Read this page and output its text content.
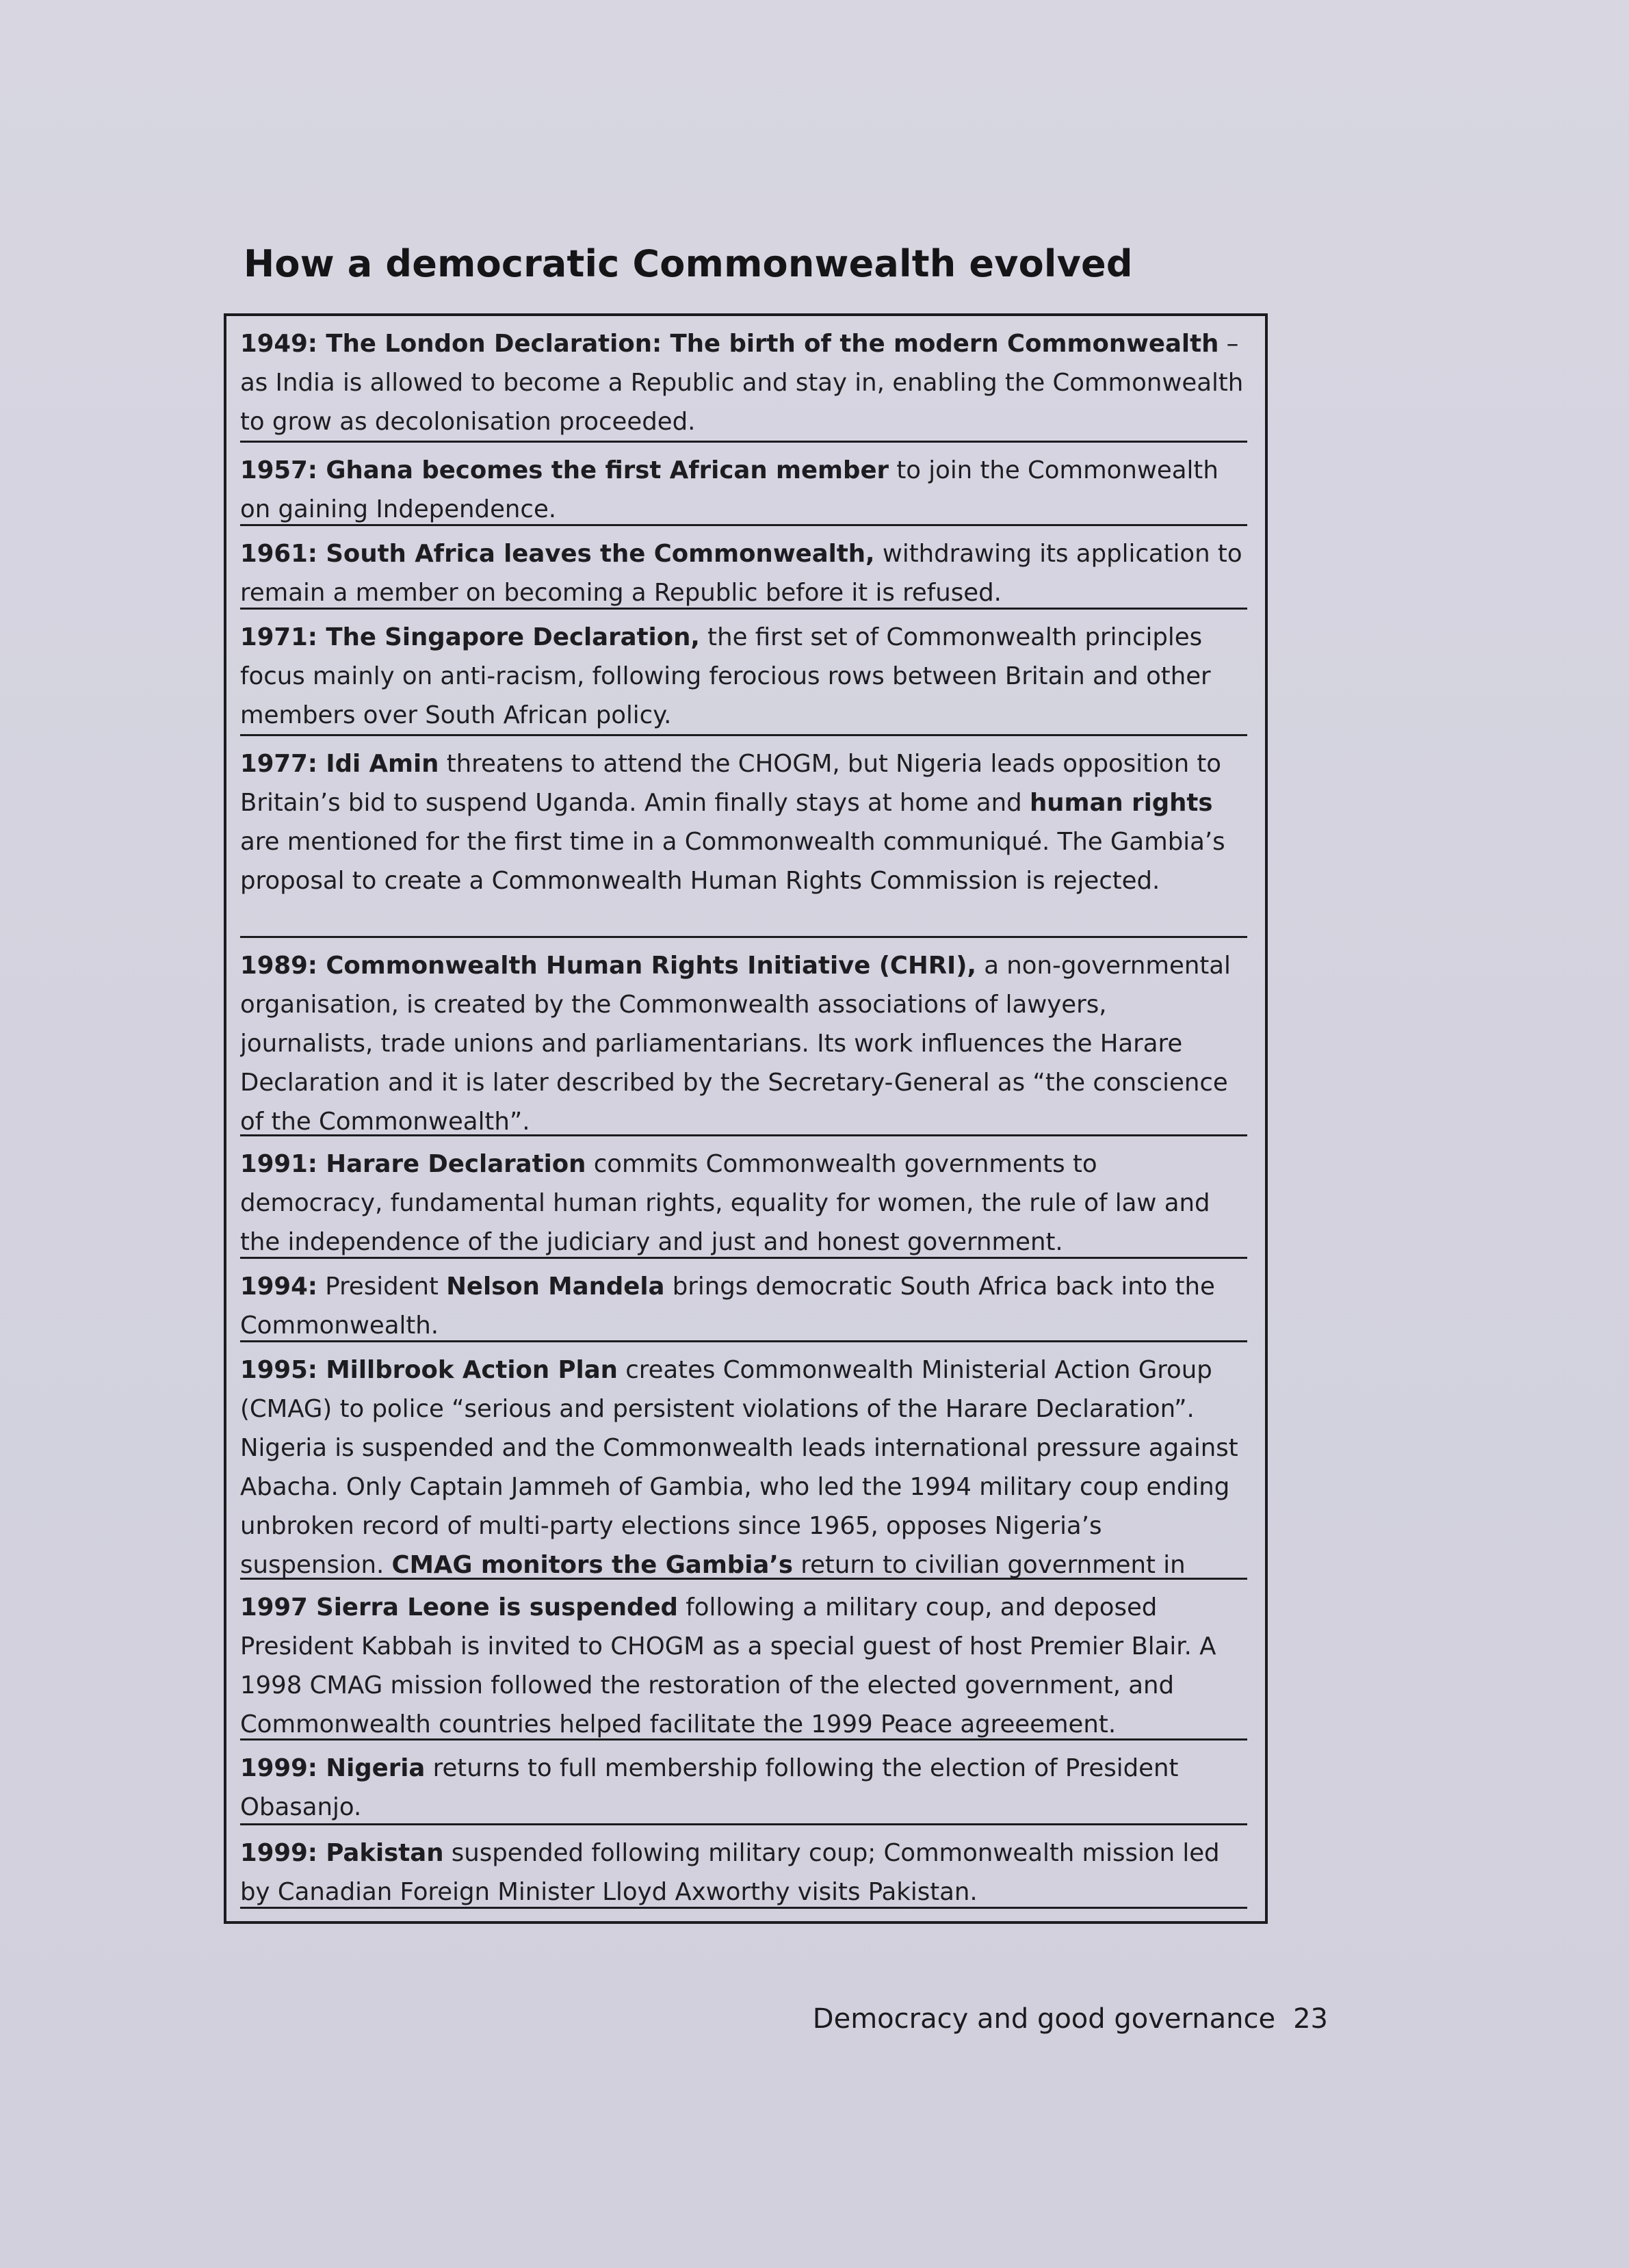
How a democratic Commonwealth evolved
1949: The London Declaration: The birth of the modern Commonwealth – as India is allowed to become a Republic and stay in, enabling the Commonwealth to grow as decolonisation proceeded.
1957: Ghana becomes the first African member to join the Commonwealth on gaining Independence.
1961: South Africa leaves the Commonwealth, withdrawing its application to remain a member on becoming a Republic before it is refused.
1971: The Singapore Declaration, the first set of Commonwealth principles focus mainly on anti-racism, following ferocious rows between Britain and other members over South African policy.
1977: Idi Amin threatens to attend the CHOGM, but Nigeria leads opposition to Britain’s bid to suspend Uganda. Amin finally stays at home and human rights are mentioned for the first time in a Commonwealth communiqué. The Gambia’s proposal to create a Commonwealth Human Rights Commission is rejected.
1989: Commonwealth Human Rights Initiative (CHRI), a non-governmental organisation, is created by the Commonwealth associations of lawyers, journalists, trade unions and parliamentarians. Its work influences the Harare Declaration and it is later described by the Secretary-General as “the conscience of the Commonwealth”.
1991: Harare Declaration commits Commonwealth governments to democracy, fundamental human rights, equality for women, the rule of law and the independence of the judiciary and just and honest government.
1994: President Nelson Mandela brings democratic South Africa back into the Commonwealth.
1995: Millbrook Action Plan creates Commonwealth Ministerial Action Group (CMAG) to police “serious and persistent violations of the Harare Declaration”. Nigeria is suspended and the Commonwealth leads international pressure against Abacha. Only Captain Jammeh of Gambia, who led the 1994 military coup ending unbroken record of multi-party elections since 1965, opposes Nigeria’s suspension. CMAG monitors the Gambia’s return to civilian government in
1997 Sierra Leone is suspended following a military coup, and deposed President Kabbah is invited to CHOGM as a special guest of host Premier Blair. A 1998 CMAG mission followed the restoration of the elected government, and Commonwealth countries helped facilitate the 1999 Peace agreeement.
1999: Nigeria returns to full membership following the election of President Obasanjo.
1999: Pakistan suspended following military coup; Commonwealth mission led by Canadian Foreign Minister Lloyd Axworthy visits Pakistan.
Democracy and good governance 23
